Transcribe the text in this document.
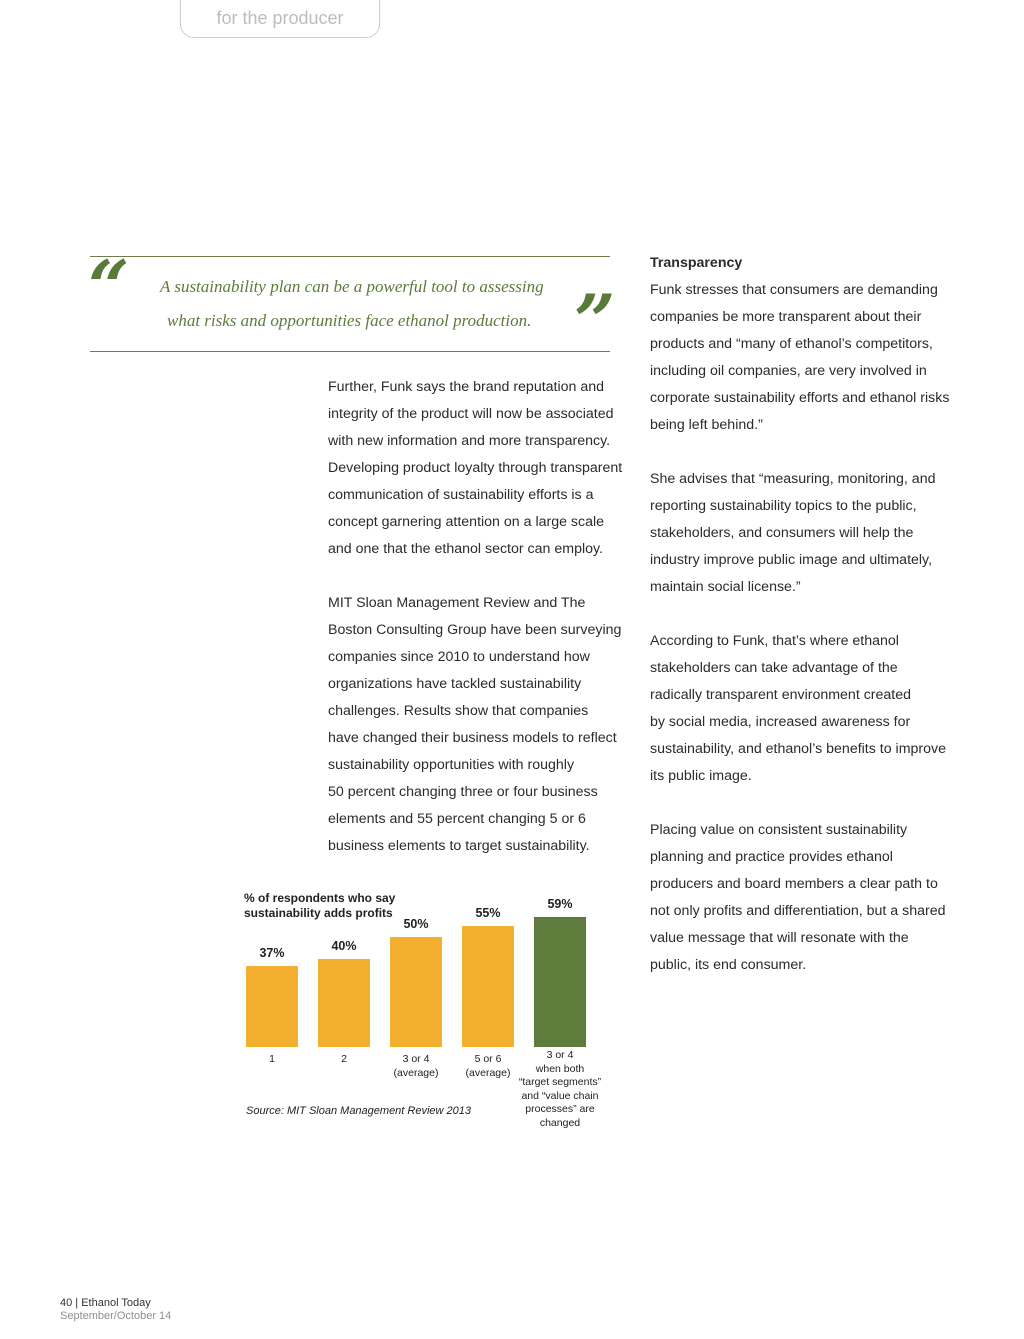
for the producer
“ A sustainability plan can be a powerful tool to assessing
what risks and opportunities face ethanol production. ”

Further, Funk says the brand reputation and
integrity of the product will now be associated
with new information and more transparency.
Developing product loyalty through transparent
communication of sustainability efforts is a
concept garnering attention on a large scale
and one that the ethanol sector can employ.

MIT Sloan Management Review and The
Boston Consulting Group have been surveying
companies since 2010 to understand how
organizations have tackled sustainability
challenges. Results show that companies
have changed their business models to reflect
sustainability opportunities with roughly
50 percent changing three or four business
elements and 55 percent changing 5 or 6
business elements to target sustainability.

Transparency

Funk stresses that consumers are demanding
companies be more transparent about their
products and “many of ethanol’s competitors,
including oil companies, are very involved in
corporate sustainability efforts and ethanol risks
being left behind.”

She advises that “measuring, monitoring, and
reporting sustainability topics to the public,
stakeholders, and consumers will help the
industry improve public image and ultimately,
maintain social license.”

According to Funk, that’s where ethanol
stakeholders can take advantage of the
radically transparent environment created
by social media, increased awareness for
sustainability, and ethanol’s benefits to improve
its public image.

Placing value on consistent sustainability
planning and practice provides ethanol
producers and board members a clear path to
not only profits and differentiation, but a shared
value message that will resonate with the
public, its end consumer.

% of respondents who say
sustainability adds profits
Source: MIT Sloan Management Review 2013
37%
1
40%
2
50%
3 or 4
(average)
55%
5 or 6
(average)
59%
3 or 4
when both
“target segments”
and “value chain
processes” are
changed
40 | Ethanol Today
September/October 14
